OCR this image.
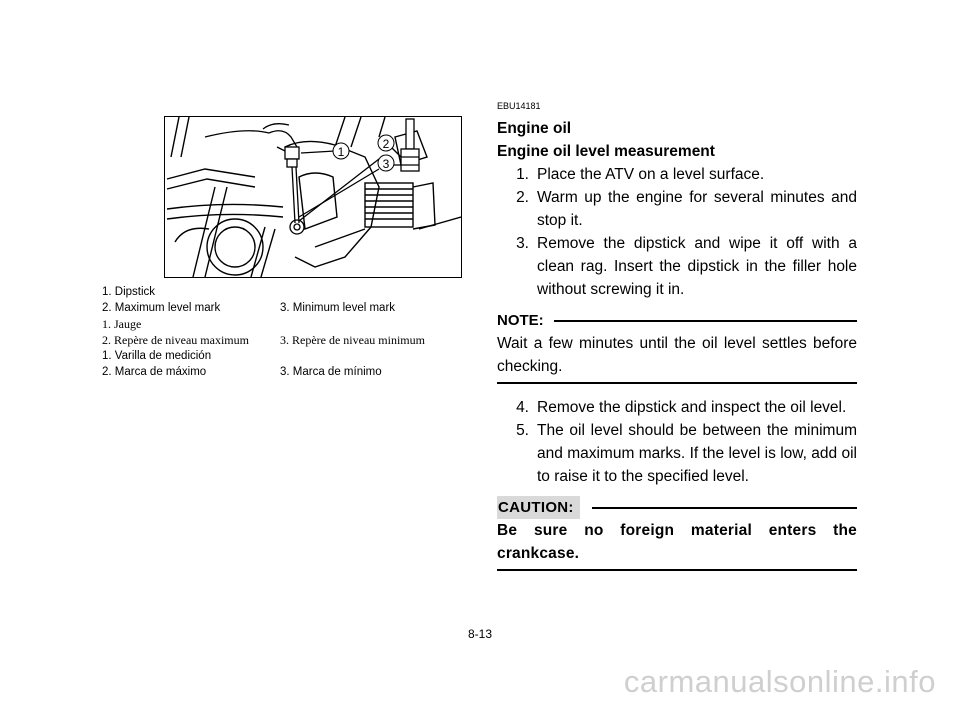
1
2
3
1. Dipstick
2. Maximum level mark	3. Minimum level mark
1. Jauge
2. Repère de niveau maximum	3. Repère de niveau minimum
1. Varilla de medición
2. Marca de máximo	3. Marca de mínimo
EBU14181
Engine oil
Engine oil level measurement
1. Place the ATV on a level surface.
2. Warm up the engine for several minutes and stop it.
3. Remove the dipstick and wipe it off with a clean rag. Insert the dipstick in the filler hole without screwing it in.
NOTE:
Wait a few minutes until the oil level settles before checking.
4. Remove the dipstick and inspect the oil level.
5. The oil level should be between the minimum and maximum marks. If the level is low, add oil to raise it to the specified level.
CAUTION:
Be sure no foreign material enters the crankcase.
8-13
carmanualsonline.info
